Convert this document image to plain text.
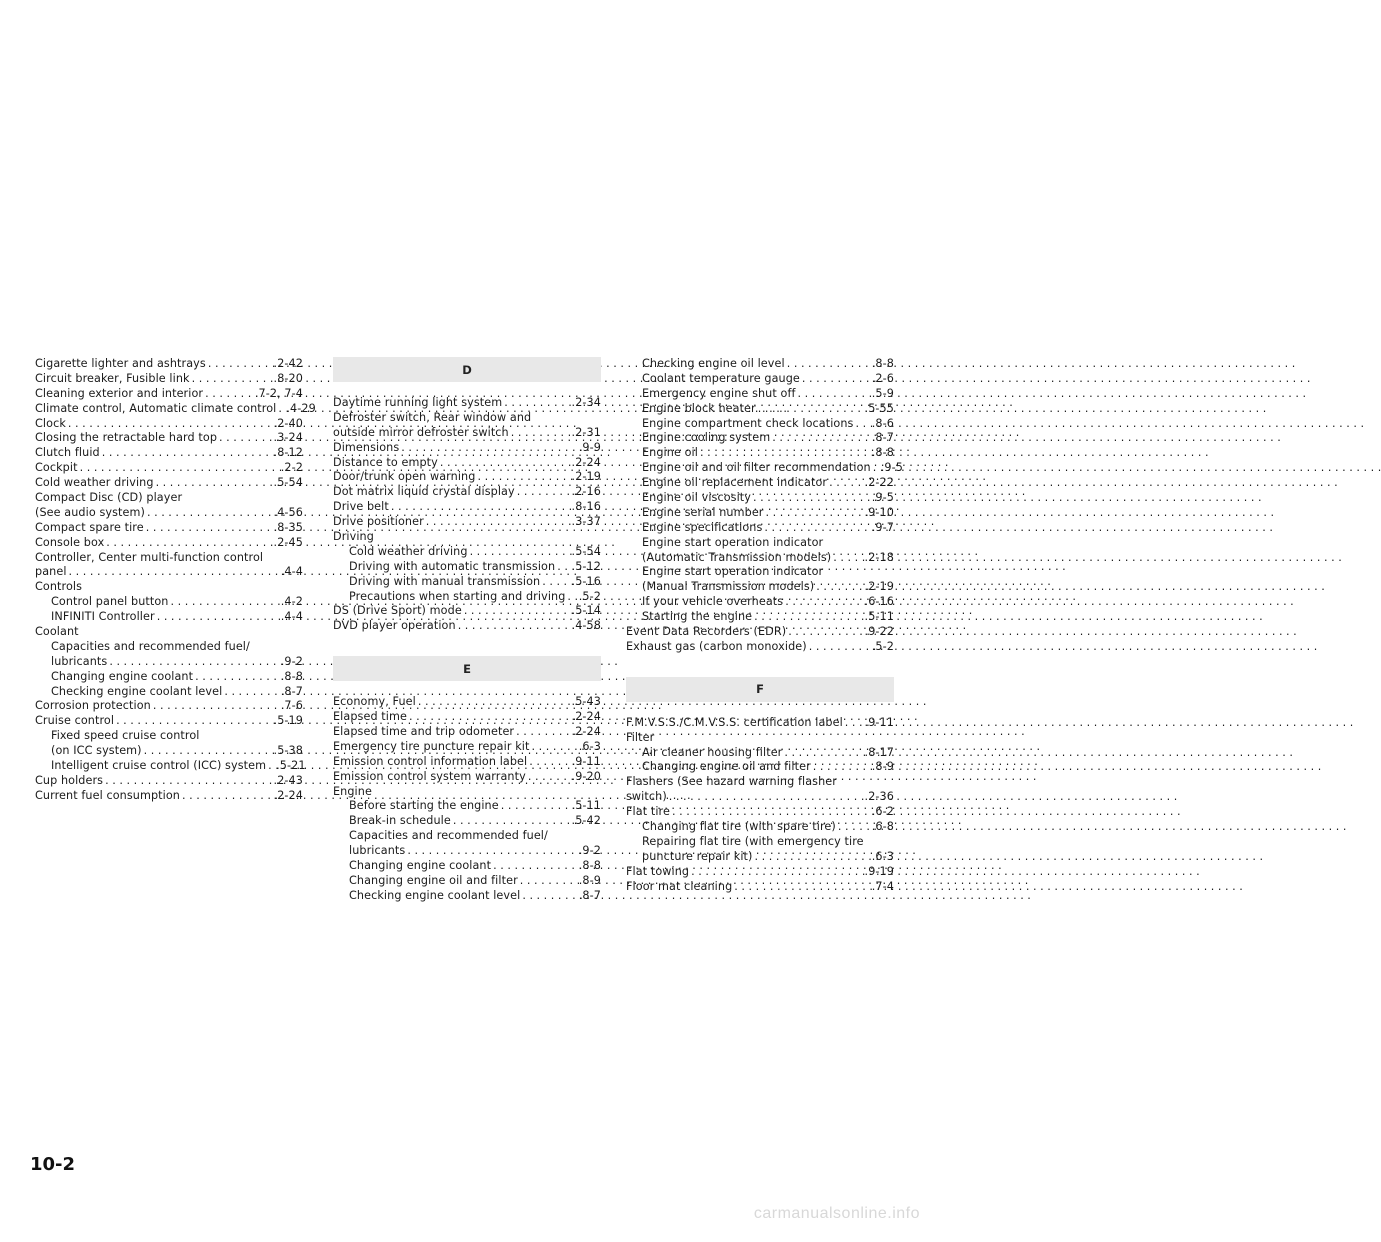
Cigarette lighter and ashtrays . . .	.2-42
Circuit breaker, Fusible link . . .	.8-20
Cleaning exterior and interior . . .	.7-2, 7-4
Climate control, Automatic climate control . . . .4-29
Clock . . .	.2-40
Closing the retractable hard top . . .	.3-24
Clutch fluid . . .	.8-12
Cockpit . . .	.2-2
Cold weather driving . . .	.5-54
Compact Disc (CD) player
(See audio system) . . .	.4-56
Compact spare tire . . .	.8-35
Console box . . .	.2-45
Controller, Center multi-function control
panel . . .	.4-4
Controls
Control panel button . . .	.4-2
INFINITI Controller . . .	.4-4
Coolant
Capacities and recommended fuel/
lubricants . . .	.9-2
Changing engine coolant . . .	.8-8
Checking engine coolant level . . .	.8-7
Corrosion protection . . .	.7-6
Cruise control . . .	.5-19
Fixed speed cruise control
(on ICC system) . . .	.5-38
Intelligent cruise control (ICC) system . . . .5-21
Cup holders . . .	.2-43
Current fuel consumption . . .	.2-24
D
Daytime running light system . . .	.2-34
Defroster switch, Rear window and
outside mirror defroster switch . . .	.2-31
Dimensions . . .	.9-9
Distance to empty . . .	.2-24
Door/trunk open warning . . .	.2-19
Dot matrix liquid crystal display . . .	.2-16
Drive belt . . .	.8-16
Drive positioner . . .	.3-37
Driving
Cold weather driving . . .	.5-54
Driving with automatic transmission . . . .5-12
Driving with manual transmission . . .	.5-16
Precautions when starting and driving . . . .5-2
DS (Drive Sport) mode . . .	.5-14
DVD player operation . . .	.4-58
E
Economy, Fuel . . .	.5-43
Elapsed time . . .	.2-24
Elapsed time and trip odometer . . .	.2-24
Emergency tire puncture repair kit . . .	.6-3
Emission control information label . . .	.9-11
Emission control system warranty . . .	.9-20
Engine
Before starting the engine . . .	.5-11
Break-in schedule . . .	.5-42
Capacities and recommended fuel/
lubricants . . .	.9-2
Changing engine coolant . . .	.8-8
Changing engine oil and filter . . .	.8-9
Checking engine coolant level . . .	.8-7
Checking engine oil level . . .	.8-8
Coolant temperature gauge . . .	.2-6
Emergency engine shut off . . .	.5-9
Engine block heater . . .	.5-55
Engine compartment check locations . . . .8-6
Engine cooling system . . .	.8-7
Engine oil . . .	.8-8
Engine oil and oil filter recommendation . . . .9-5
Engine oil replacement indicator . . .	.2-22
Engine oil viscosity . . .	.9-5
Engine serial number . . .	.9-10
Engine specifications . . .	.9-7
Engine start operation indicator
(Automatic Transmission models) . . .	.2-18
Engine start operation indicator
(Manual Transmission models) . . .	.2-19
If your vehicle overheats . . .	.6-16
Starting the engine . . .	.5-11
Event Data Recorders (EDR) . . .	.9-22
Exhaust gas (carbon monoxide) . . .	.5-2
F
F.M.V.S.S./C.M.V.S.S. certification label . . . .9-11
Filter
Air cleaner housing filter . . .	.8-17
Changing engine oil and filter . . .	.8-9
Flashers (See hazard warning flasher
switch) . . .	.2-36
Flat tire . . .	.6-2
Changing flat tire (with spare tire) . . .	.6-8
Repairing flat tire (with emergency tire
puncture repair kit) . . .	.6-3
Flat towing . . .	.9-19
Floor mat cleaning . . .	.7-4
10-2
carmanualsonline.info
